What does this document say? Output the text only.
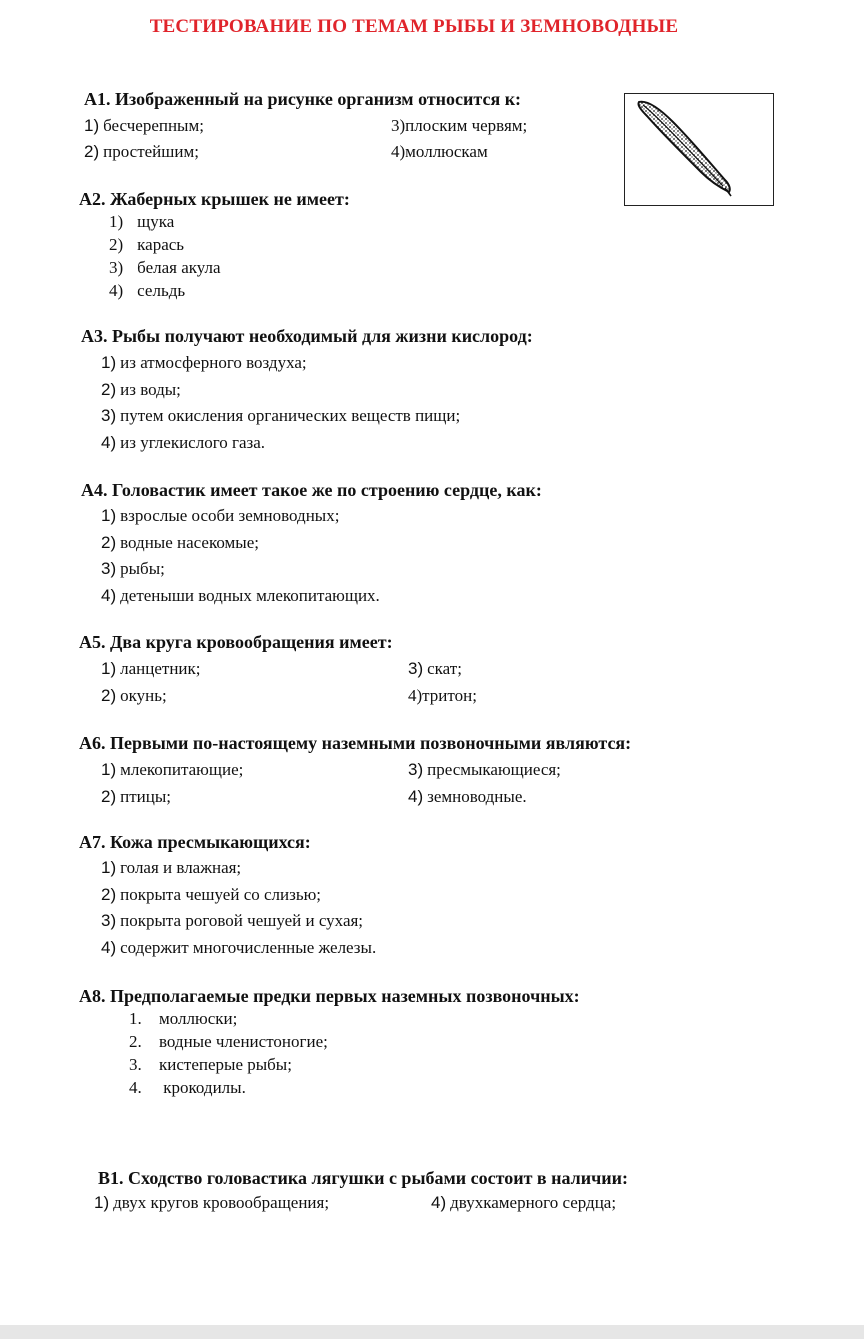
ТЕСТИРОВАНИЕ ПО ТЕМАМ РЫБЫ И ЗЕМНОВОДНЫЕ
А1. Изображенный на рисунке организм относится к:
1) бесчерепным;	3)плоским червям;
2) простейшим;	4)моллюскам
А2. Жаберных крышек не имеет:
1) щука
2) карась
3) белая акула
4) сельдь
А3. Рыбы получают необходимый для жизни кислород:
1) из атмосферного воздуха;
2) из воды;
3) путем окисления органических веществ пищи;
4) из углекислого газа.
А4. Головастик имеет такое же по строению сердце, как:
1) взрослые особи земноводных;
2) водные насекомые;
3) рыбы;
4) детеныши водных млекопитающих.
А5. Два круга кровообращения имеет:
1) ланцетник;	3) скат;
2) окунь;	4)тритон;
А6. Первыми по-настоящему наземными позвоночными являются:
1) млекопитающие;	3) пресмыкающиеся;
2) птицы;	4) земноводные.
А7. Кожа пресмыкающихся:
1) голая и влажная;
2) покрыта чешуей со слизью;
3) покрыта роговой чешуей и сухая;
4) содержит многочисленные железы.
А8. Предполагаемые предки первых наземных позвоночных:
1. моллюски;
2. водные членистоногие;
3. кистеперые рыбы;
4. крокодилы.
В1. Сходство головастика лягушки с рыбами состоит в наличии:
1) двух кругов кровообращения;	4) двухкамерного сердца;
